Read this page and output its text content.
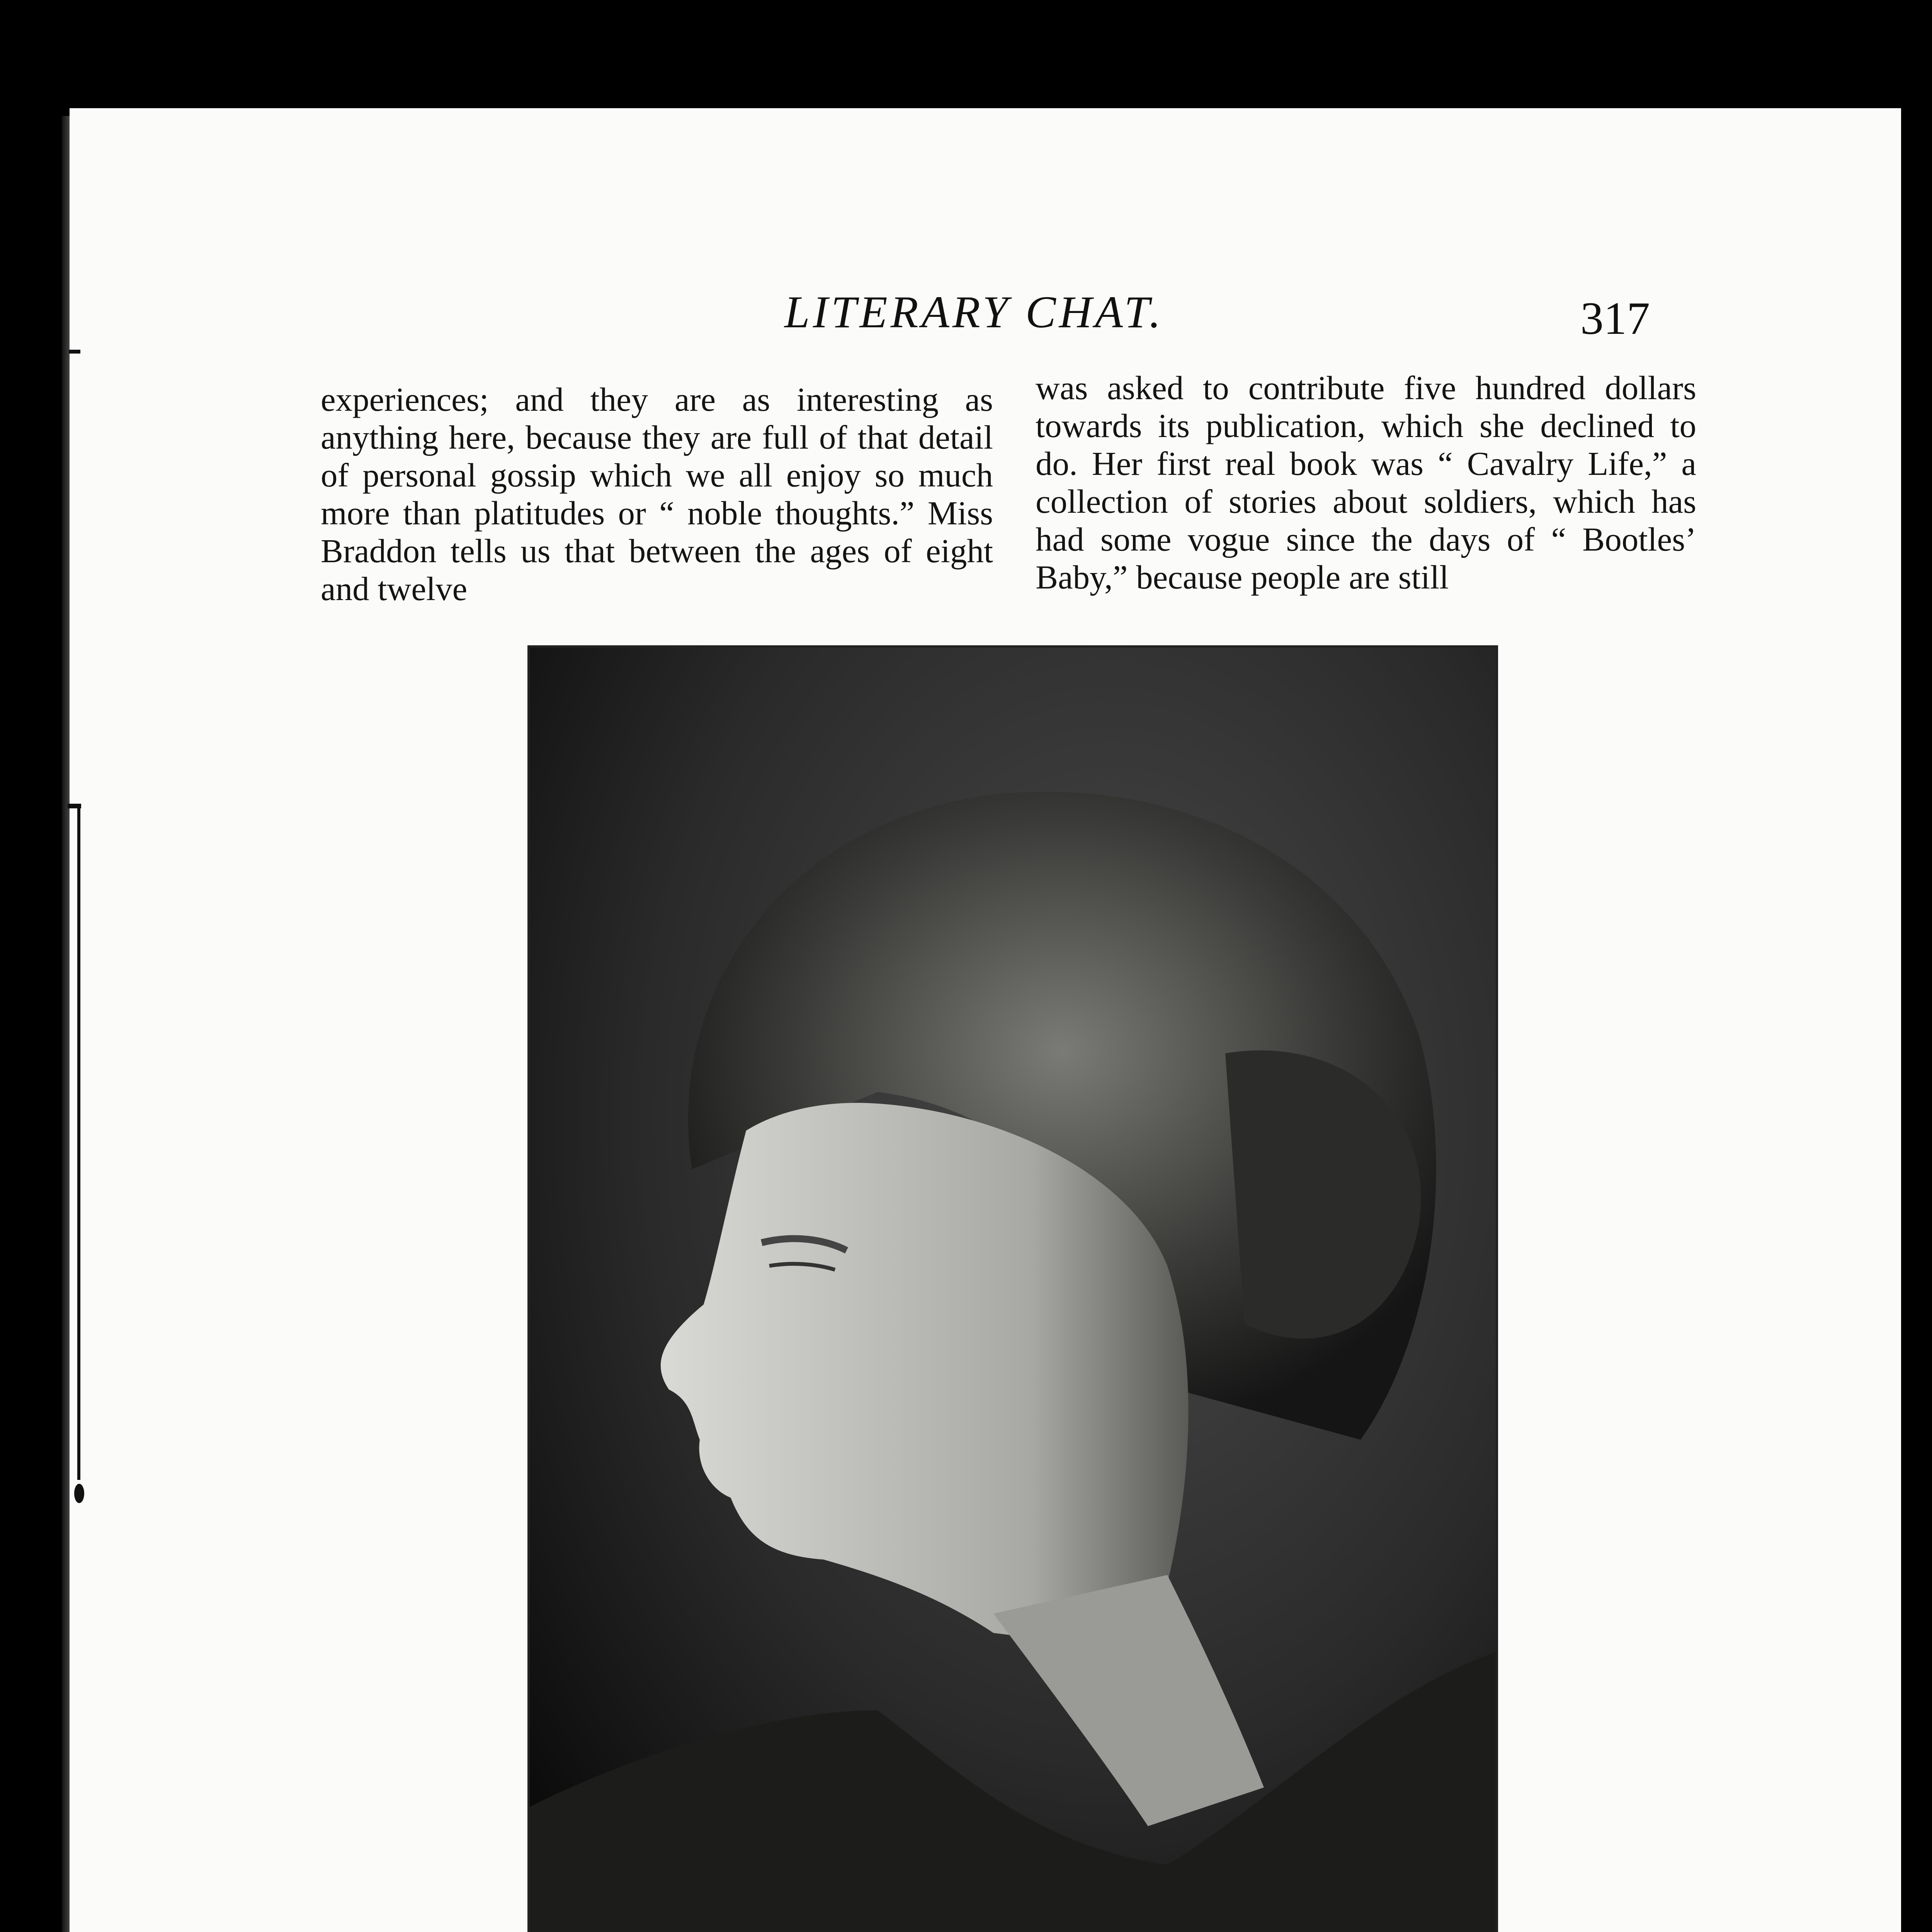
LITERARY CHAT.	317

experiences; and they are as interesting as anything here, because they are full of that detail of personal gossip which we all enjoy so much more than platitudes or “ noble thoughts.” Miss Braddon tells us that between the ages of eight and twelve

was asked to contribute five hundred dollars towards its publication, which she declined to do. Her first real book was “ Cavalry Life,” a collection of stories about soldiers, which has had some vogue since the days of “ Bootles’ Baby,” because people are still
